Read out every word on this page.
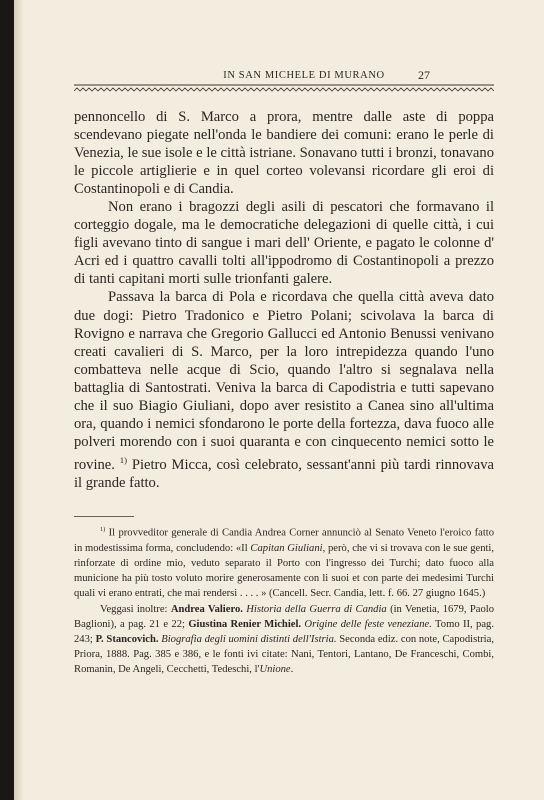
IN SAN MICHELE DI MURANO	27

pennoncello di S. Marco a prora, mentre dalle aste di poppa scendevano piegate nell'onda le bandiere dei comuni: erano le perle di Venezia, le sue isole e le città istriane. Sonavano tutti i bronzi, tonavano le piccole artiglierie e in quel corteo volevansi ricordare gli eroi di Costantinopoli e di Candia.

Non erano i bragozzi degli asili di pescatori che formavano il corteggio dogale, ma le democratiche delegazioni di quelle città, i cui figli avevano tinto di sangue i mari dell' Oriente, e pagato le colonne d' Acri ed i quattro cavalli tolti all'ippodromo di Costantinopoli a prezzo di tanti capitani morti sulle trionfanti galere.

Passava la barca di Pola e ricordava che quella città aveva dato due dogi: Pietro Tradonico e Pietro Polani; scivolava la barca di Rovigno e narrava che Gregorio Gallucci ed Antonio Benussi venivano creati cavalieri di S. Marco, per la loro intrepidezza quando l'uno combatteva nelle acque di Scio, quando l'altro si segnalava nella battaglia di Santostrati. Veniva la barca di Capodistria e tutti sapevano che il suo Biagio Giuliani, dopo aver resistito a Canea sino all'ultima ora, quando i nemici sfondarono le porte della fortezza, dava fuoco alle polveri morendo con i suoi quaranta e con cinquecento nemici sotto le rovine. $^{1)}$ Pietro Micca, così celebrato, sessant'anni più tardi rinnovava il grande fatto.

$^{1)}$ Il provveditor generale di Candia Andrea Corner annunciò al Senato Veneto l'eroico fatto in modestissima forma, concludendo: «Il Capitan Giuliani, però, che vi si trovava con le sue genti, rinforzate di ordine mio, veduto separato il Porto con l'ingresso dei Turchi; dato fuoco alla municione ha più tosto voluto morire generosamente con li suoi et con parte dei medesimi Turchi quali vi erano entrati, che mai rendersi . . . . » (Cancell. Secr. Candia, lett. f. 66. 27 giugno 1645.)

Veggasi inoltre: Andrea Valiero. Historia della Guerra di Candia (in Venetia, 1679, Paolo Baglioni), a pag. 21 e 22; Giustina Renier Michiel. Origine delle feste veneziane. Tomo II, pag. 243; P. Stancovich. Biografia degli uomini distinti dell'Istria. Seconda ediz. con note, Capodistria, Priora, 1888. Pag. 385 e 386, e le fonti ivi citate: Nani, Tentori, Lantano, De Franceschi, Combi, Romanin, De Angeli, Cecchetti, Tedeschi, l'Unione.
